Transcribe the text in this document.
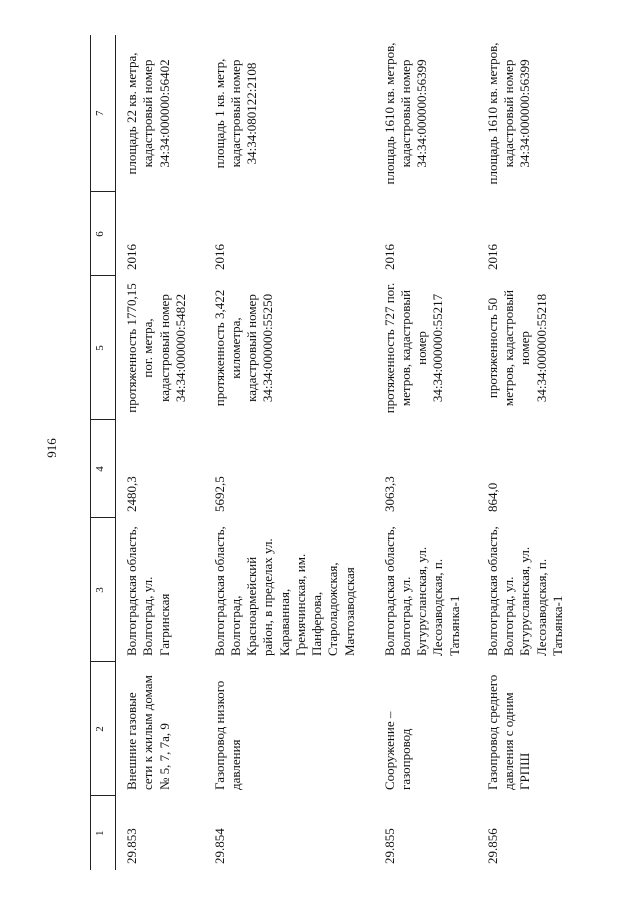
916
1	2	3	4	5	6	7
29.853	Внешние газовые сети к жилым домам № 5, 7, 7а, 9	Волгоградская область, Волгоград, ул. Гагринская	2480,3	протяженность 1770,15 пог. метра, кадастровый номер 34:34:000000:54822	2016	площадь 22 кв. метра, кадастровый номер 34:34:000000:56402
29.854	Газопровод низкого давления	Волгоградская область, Волгоград, Красноармейский район, в пределах ул. Караванная, Гремячинская, им. Панферова, Староладожская, Мачтозаводская	5692,5	протяженность 3,422 километра, кадастровый номер 34:34:000000:55250	2016	площадь 1 кв. метр, кадастровый номер 34:34:080122:2108
29.855	Сооружение – газопровод	Волгоградская область, Волгоград, ул. Бугурусланская, ул. Лесозаводская, п. Татьянка-1	3063,3	протяженность 727 пог. метров, кадастровый номер 34:34:000000:55217	2016	площадь 1610 кв. метров, кадастровый номер 34:34:000000:56399
29.856	Газопровод среднего давления с одним ГРПШ	Волгоградская область, Волгоград, ул. Бугурусланская, ул. Лесозаводская, п. Татьянка-1	864,0	протяженность 50 метров, кадастровый номер 34:34:000000:55218	2016	площадь 1610 кв. метров, кадастровый номер 34:34:000000:56399
